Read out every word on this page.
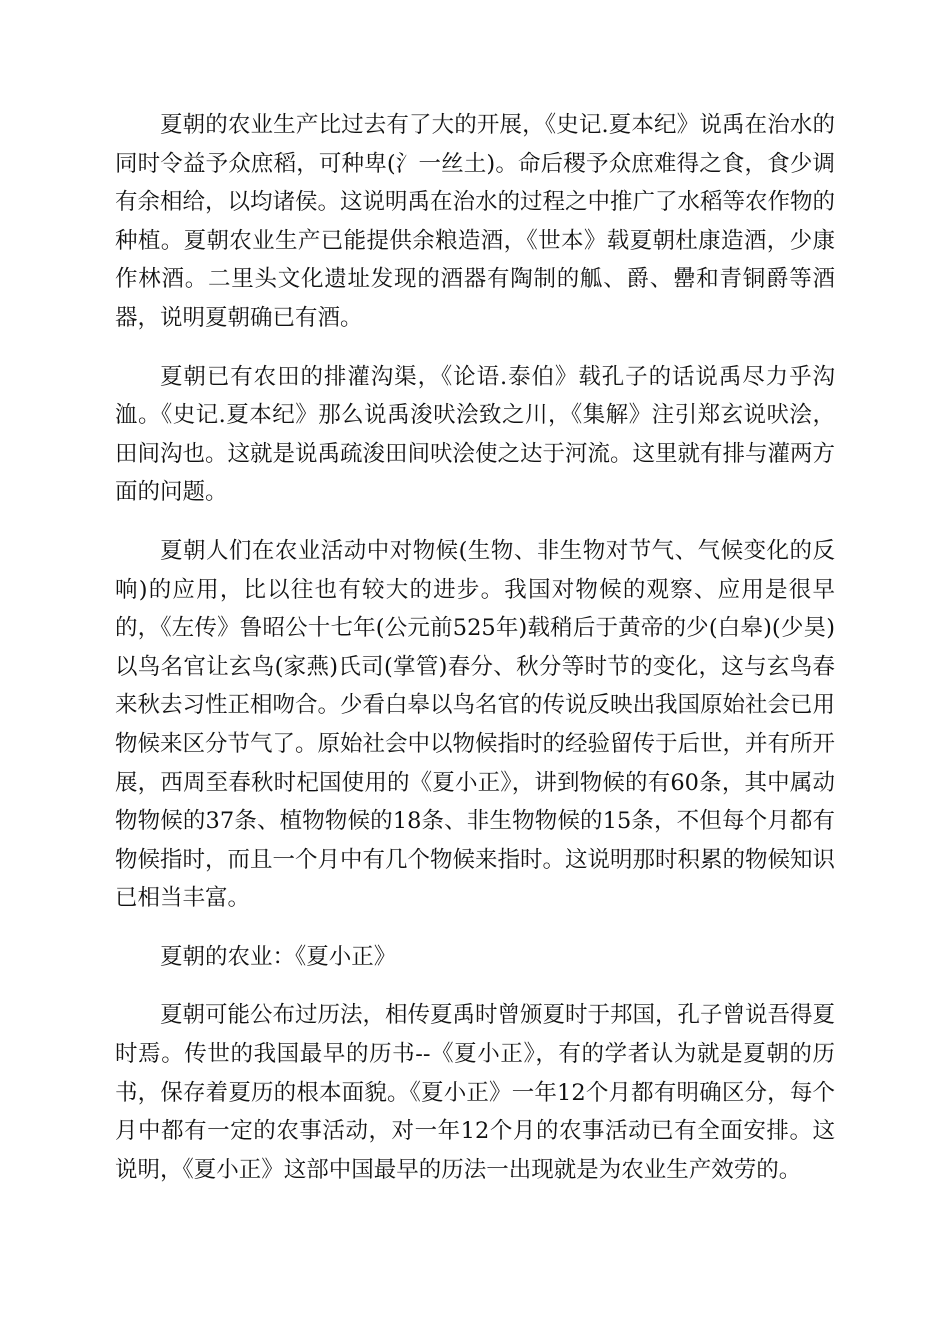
夏朝的农业生产比过去有了大的开展，《史记.夏本纪》说禹在治水的同时令益予众庶稻，可种卑(氵一丝土)。命后稷予众庶难得之食，食少调有余相给，以均诸侯。这说明禹在治水的过程之中推广了水稻等农作物的种植。夏朝农业生产已能提供余粮造酒，《世本》载夏朝杜康造酒，少康作林酒。二里头文化遗址发现的酒器有陶制的觚、爵、罍和青铜爵等酒器，说明夏朝确已有酒。

夏朝已有农田的排灌沟渠，《论语.泰伯》载孔子的话说禹尽力乎沟洫。《史记.夏本纪》那么说禹浚吠浍致之川，《集解》注引郑玄说吠浍，田间沟也。这就是说禹疏浚田间吠浍使之达于河流。这里就有排与灌两方面的问题。

夏朝人们在农业活动中对物候(生物、非生物对节气、气候变化的反响)的应用，比以往也有较大的进步。我国对物候的观察、应用是很早的，《左传》鲁昭公十七年(公元前525年)载稍后于黄帝的少(白皋)(少昊)以鸟名官让玄鸟(家燕)氏司(掌管)春分、秋分等时节的变化，这与玄鸟春来秋去习性正相吻合。少看白皋以鸟名官的传说反映出我国原始社会已用物候来区分节气了。原始社会中以物候指时的经验留传于后世，并有所开展，西周至春秋时杞国使用的《夏小正》，讲到物候的有60条，其中属动物物候的37条、植物物候的18条、非生物物候的15条，不但每个月都有物候指时，而且一个月中有几个物候来指时。这说明那时积累的物候知识已相当丰富。

夏朝的农业：《夏小正》

夏朝可能公布过历法，相传夏禹时曾颁夏时于邦国，孔子曾说吾得夏时焉。传世的我国最早的历书--《夏小正》，有的学者认为就是夏朝的历书，保存着夏历的根本面貌。《夏小正》一年12个月都有明确区分，每个月中都有一定的农事活动，对一年12个月的农事活动已有全面安排。这说明，《夏小正》这部中国最早的历法一出现就是为农业生产效劳的。
